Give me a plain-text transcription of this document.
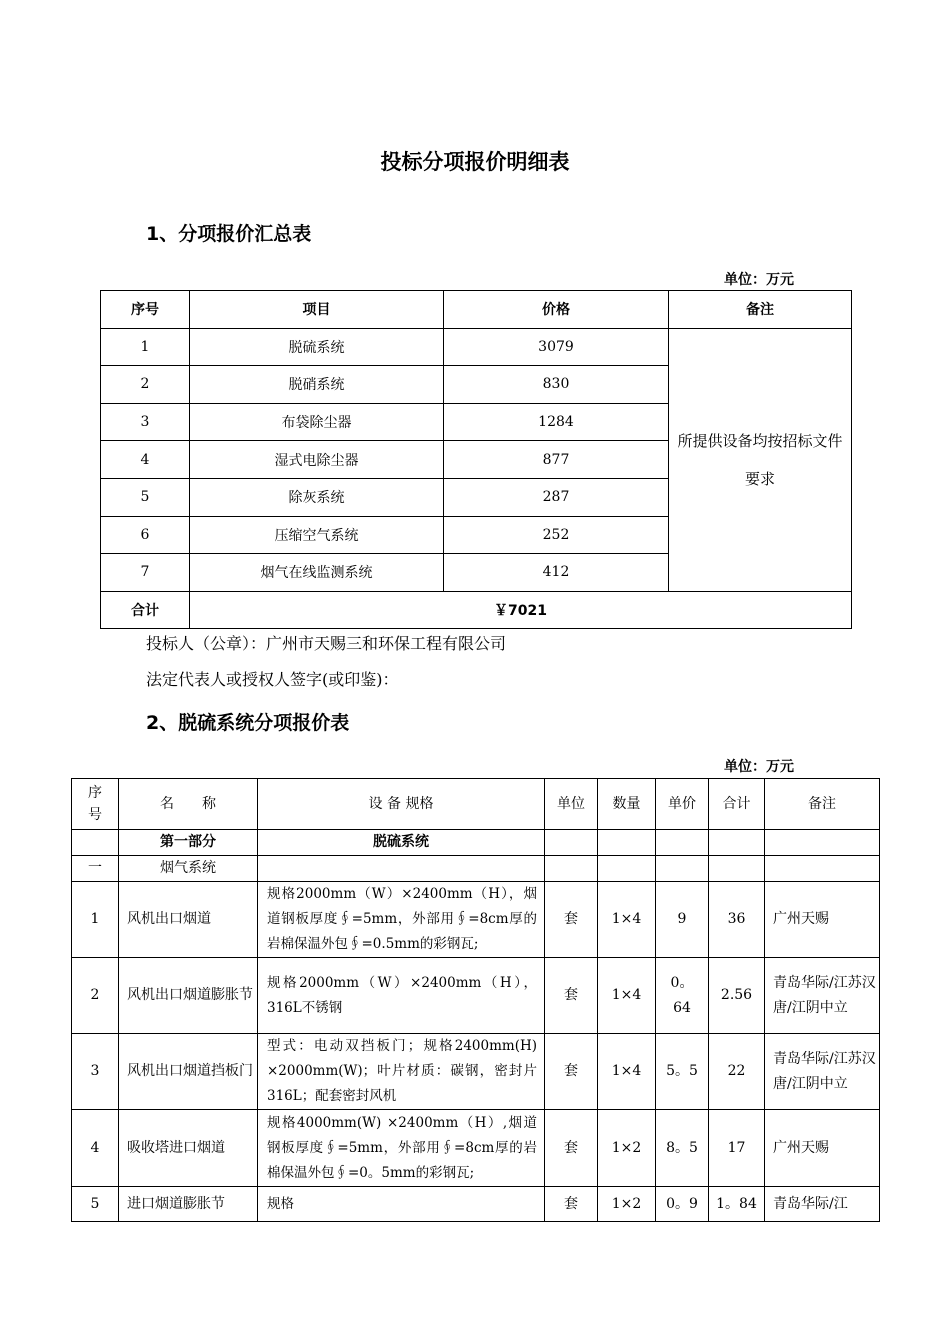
投标分项报价明细表
1、分项报价汇总表
单位：万元
序号	项目	价格	备注
1	脱硫系统	3079	所提供设备均按招标文件要求
2	脱硝系统	830	
3	布袋除尘器	1284	
4	湿式电除尘器	877	
5	除灰系统	287	
6	压缩空气系统	252	
7	烟气在线监测系统	412	
合计	￥7021		
投标人（公章）：广州市天赐三和环保工程有限公司
法定代表人或授权人签字(或印鉴)：
2、脱硫系统分项报价表
单位：万元
序号	名　　称	设 备 规格	单位	数量	单价	合计	备注
	第一部分	脱硫系统					
一	烟气系统						
1	风机出口烟道	规格2000mm（W）×2400mm（H），烟道钢板厚度∮=5mm，外部用∮=8cm厚的岩棉保温外包∮=0.5mm的彩钢瓦;	套	1×4	9	36	广州天赐
2	风机出口烟道膨胀节	规格2000mm（W）×2400mm（H），316L不锈钢	套	1×4	0。64	2.56	青岛华际/江苏汉唐/江阴中立
3	风机出口烟道挡板门	型式：电动双挡板门；规格2400mm(H) ×2000mm(W)；叶片材质：碳钢，密封片316L；配套密封风机	套	1×4	5。5	22	青岛华际/江苏汉唐/江阴中立
4	吸收塔进口烟道	规格4000mm(W) ×2400mm（H）,烟道钢板厚度∮=5mm，外部用∮=8cm厚的岩棉保温外包∮=0。5mm的彩钢瓦;	套	1×2	8。5	17	广州天赐
5	进口烟道膨胀节	规格	套	1×2	0。9	1。84	青岛华际/江
